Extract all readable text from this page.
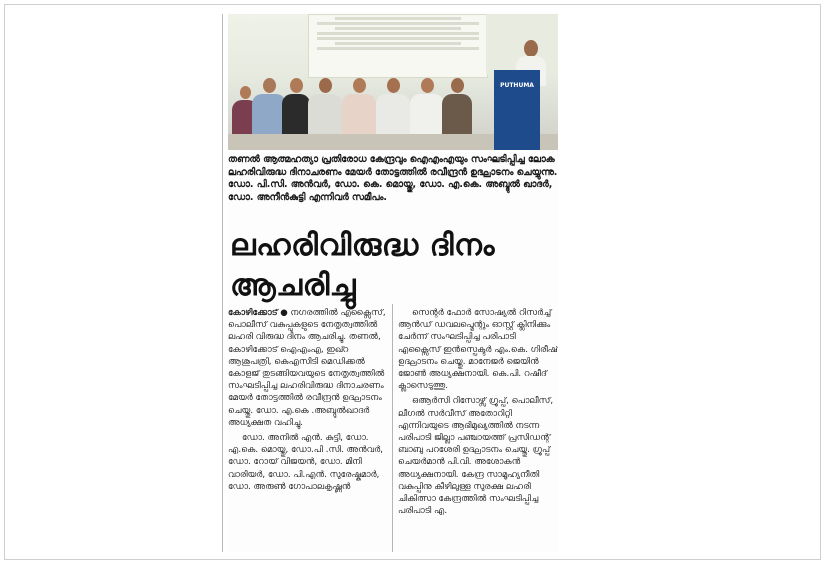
PUTHUMA

തണൽ ആത്മഹത്യാ പ്രതിരോധ കേന്ദ്രവും ഐഎംഎയും സംഘടിപ്പിച്ച ലോക ലഹരിവിരുദ്ധ ദിനാചരണം മേയർ തോട്ടത്തിൽ രവീന്ദ്രൻ ഉദ്ഘാടനം ചെയ്യുന്നു. ഡോ. പി.സി. അൻവർ, ഡോ. കെ. മൊയ്തു, ഡോ. എ.കെ. അബ്ദുൽ ഖാദർ, ഡോ. അനീൻകുട്ടി എന്നിവർ സമീപം.

ലഹരിവിരുദ്ധ ദിനം
ആചരിച്ചു

കോഴിക്കോട് ● നഗരത്തിൽ എക്സൈസ്, പൊലീസ് വകുപ്പുകളുടെ നേതൃത്വത്തിൽ ലഹരി വിരുദ്ധ ദിനം ആചരിച്ചു. തണൽ, കോഴിക്കോട് ഐഎംഎ, ഇഖ്റ ആശുപത്രി, കെഎസിടി മെഡിക്കൽ കോളജ് തുടങ്ങിയവയുടെ നേതൃത്വത്തിൽ സംഘടിപ്പിച്ച ലഹരിവിരുദ്ധ ദിനാചരണം മേയർ തോട്ടത്തിൽ രവീന്ദ്രൻ ഉദ്ഘാടനം ചെയ്തു. ഡോ. എ.കെ .അബ്ദുൽഖാദർ അധ്യക്ഷത വഹിച്ചു.

ഡോ. അനിൽ എൻ. കുട്ടി, ഡോ. എ.കെ. മൊയ്തു, ഡോ.പി .സി. അൻവർ, ഡോ. റോയ് വിജയൻ, ഡോ. മിനി വാരിയർ, ഡോ. പി.എൻ. സുരേഷ്കുമാർ, ഡോ. അരുൺ ഗോപാലകൃഷ്ണൻ

സെന്റർ ഫോർ സോഷ്യൽ റിസർച്ച് ആൻഡ് ഡവലപ്മെന്റും ഓസ്റ്റ് ക്ലിനിക്കും ചേർന്ന് സംഘടിപ്പിച്ച പരിപാടി എക്സൈസ് ഇൻസ്പെക്ടർ എം.കെ. ഗിരീഷ് ഉദ്ഘാടനം ചെയ്തു. മാനേജർ ജെയിൻ ജോൺ അധ്യക്ഷനായി. കെ.പി. റഷീദ് ക്ലാസെടുത്തു.

ഒആർസി റിസോഴ്സ് ഗ്രൂപ്പ്, പൊലീസ്, ലീഗൽ സർവീസ് അതോറിറ്റി എന്നിവയുടെ ആഭിമുഖ്യത്തിൽ നടന്ന പരിപാടി ജില്ലാ പഞ്ചായത്ത് പ്രസിഡന്റ് ബാബു പറശേരി ഉദ്ഘാടനം ചെയ്തു. ഗ്രൂപ്പ് ചെയർമാൻ പി.വി. അശോകൻ അധ്യക്ഷനായി. കേന്ദ്ര സാമൂഹ്യനീതി വകുപ്പിനു കീഴിലുള്ള സുരക്ഷ ലഹരി ചികിത്സാ കേന്ദ്രത്തിൽ സംഘടിപ്പിച്ച പരിപാടി എ.
